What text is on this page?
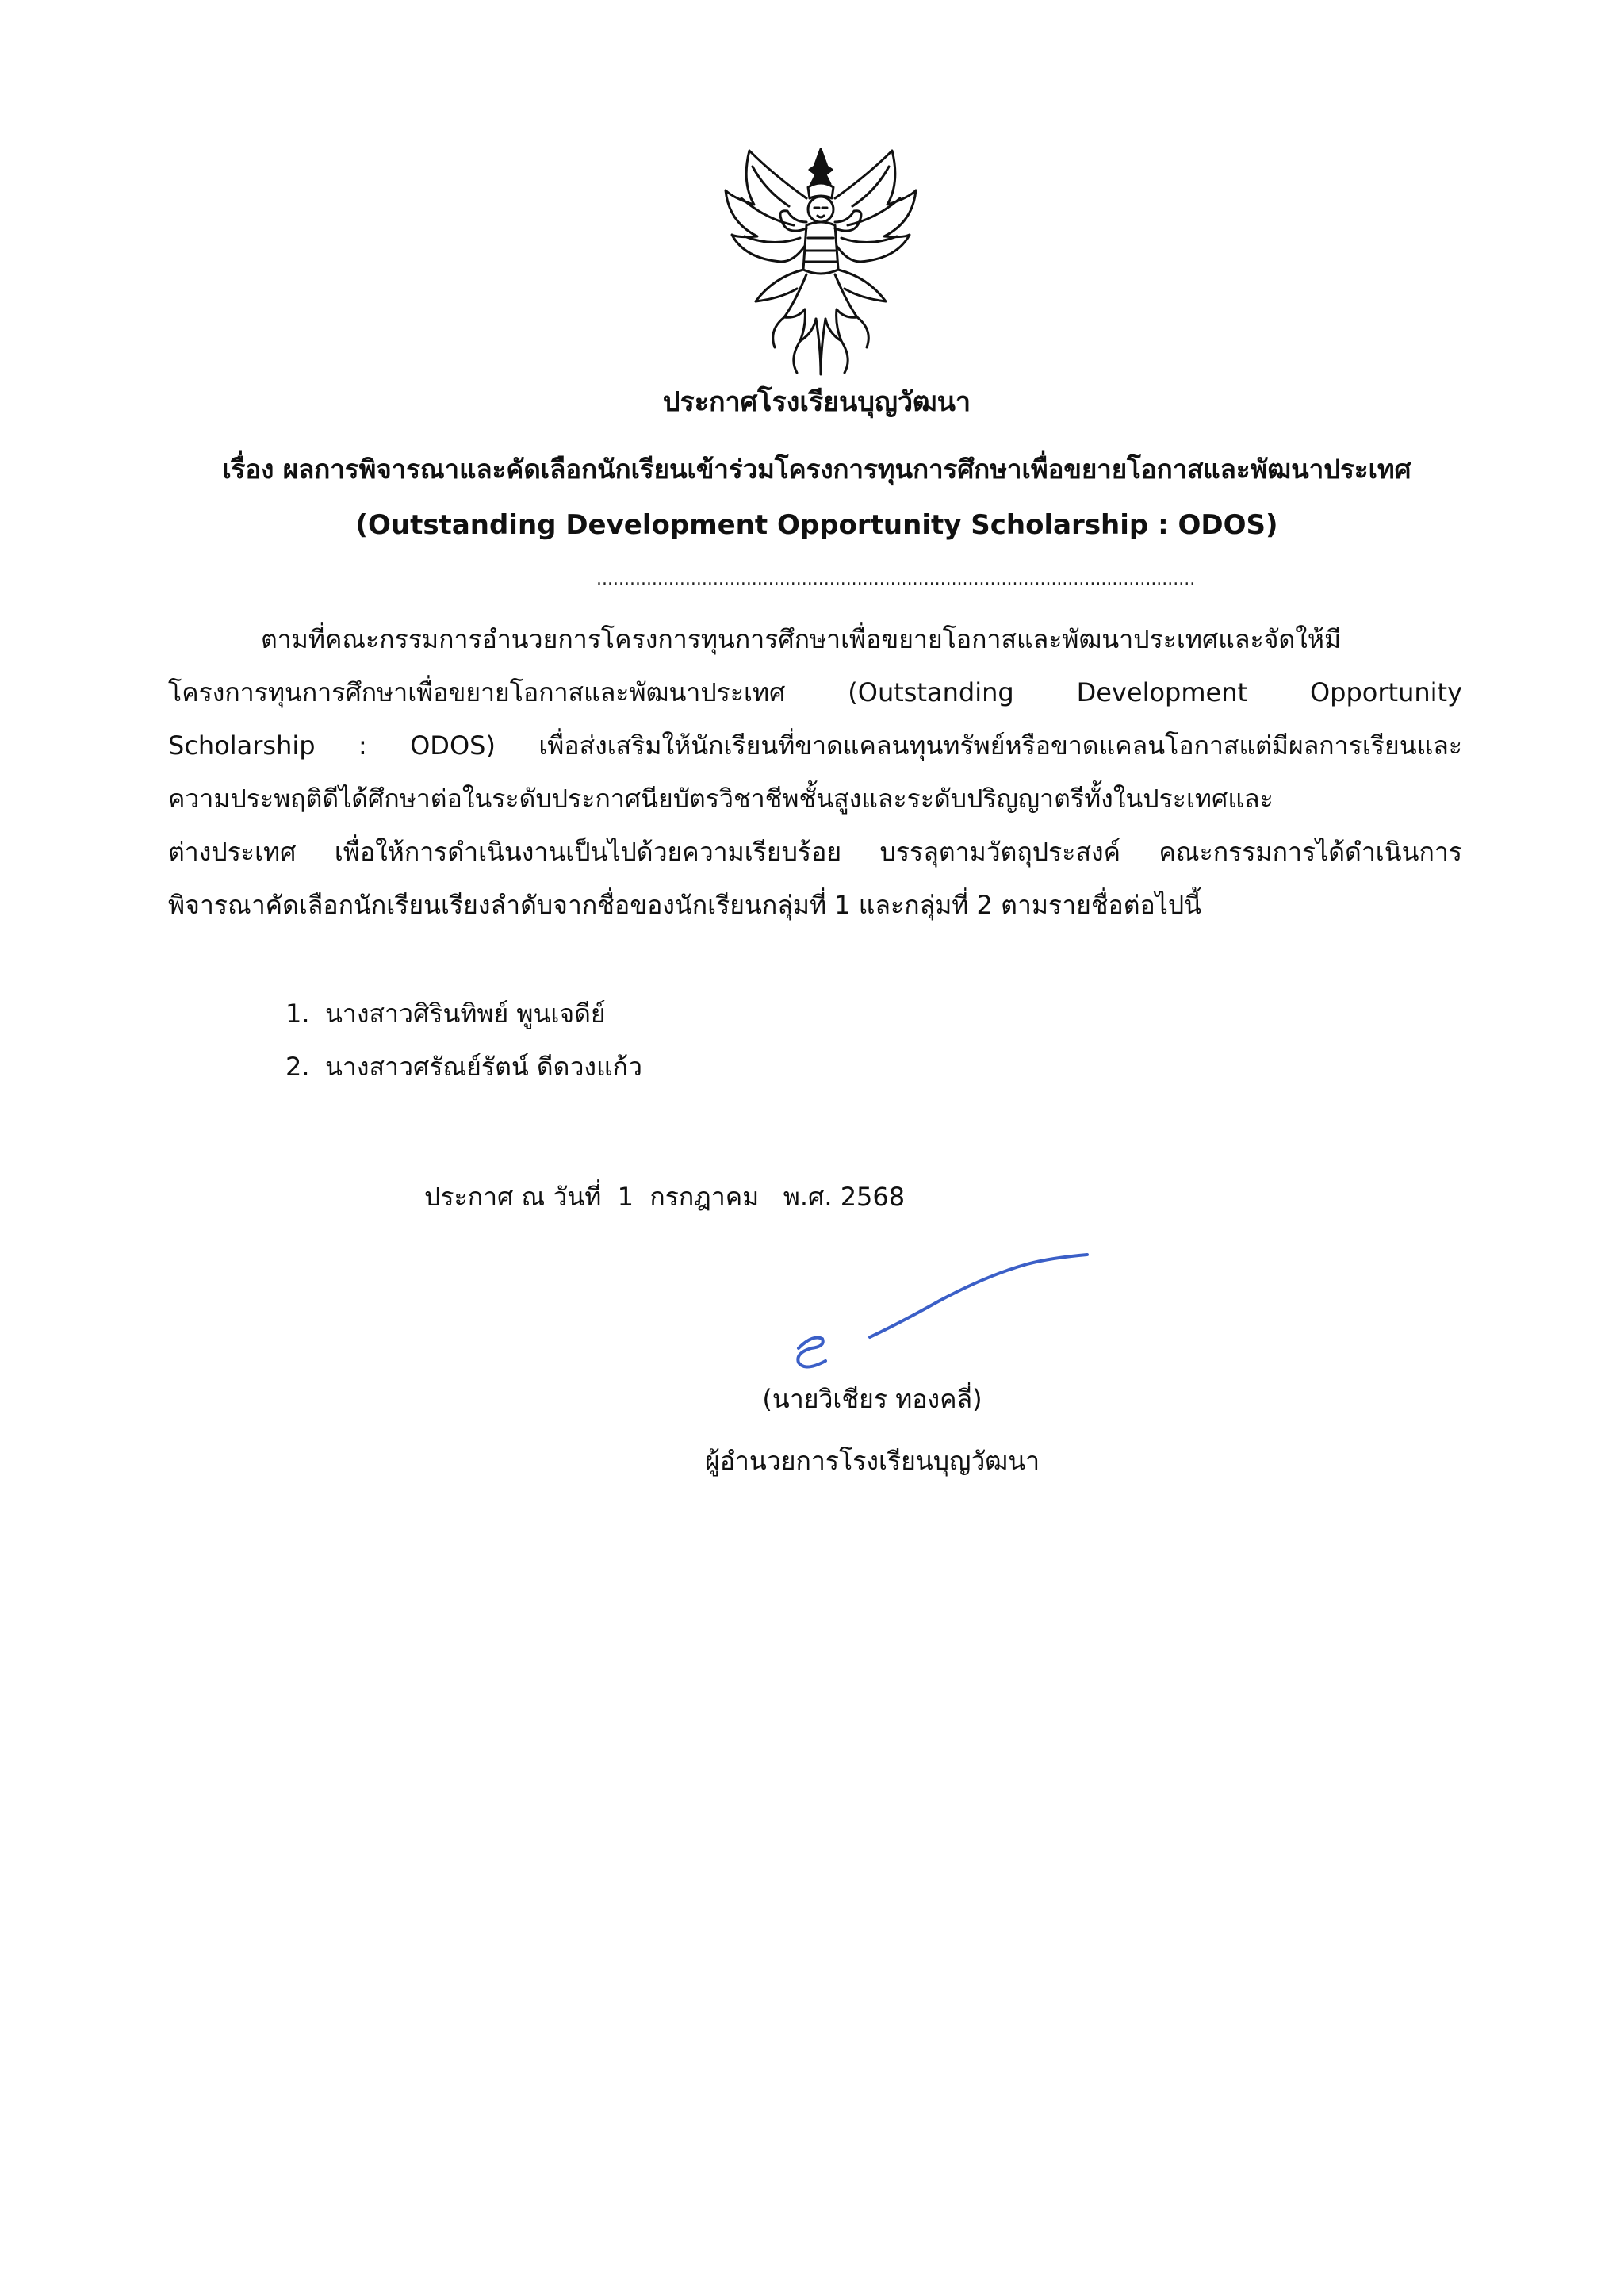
ประกาศโรงเรียนบุญวัฒนา
เรื่อง ผลการพิจารณาและคัดเลือกนักเรียนเข้าร่วมโครงการทุนการศึกษาเพื่อขยายโอกาสและพัฒนาประเทศ
(Outstanding Development Opportunity Scholarship : ODOS)
............................................................................................................
ตามที่คณะกรรมการอำนวยการโครงการทุนการศึกษาเพื่อขยายโอกาสและพัฒนาประเทศและจัดให้มี
โครงการทุนการศึกษาเพื่อขยายโอกาสและพัฒนาประเทศ (Outstanding Development Opportunity
Scholarship : ODOS) เพื่อส่งเสริมให้นักเรียนที่ขาดแคลนทุนทรัพย์หรือขาดแคลนโอกาสแต่มีผลการเรียนและ
ความประพฤติดีได้ศึกษาต่อในระดับประกาศนียบัตรวิชาชีพชั้นสูงและระดับปริญญาตรีทั้งในประเทศและ
ต่างประเทศ เพื่อให้การดำเนินงานเป็นไปด้วยความเรียบร้อย บรรลุตามวัตถุประสงค์ คณะกรรมการได้ดำเนินการ
พิจารณาคัดเลือกนักเรียนเรียงลำดับจากชื่อของนักเรียนกลุ่มที่ 1 และกลุ่มที่ 2 ตามรายชื่อต่อไปนี้
1. นางสาวศิรินทิพย์ พูนเจดีย์
2. นางสาวศรัณย์รัตน์ ดีดวงแก้ว
ประกาศ ณ วันที่  1  กรกฎาคม   พ.ศ. 2568
(นายวิเชียร ทองคลี่)
ผู้อำนวยการโรงเรียนบุญวัฒนา
